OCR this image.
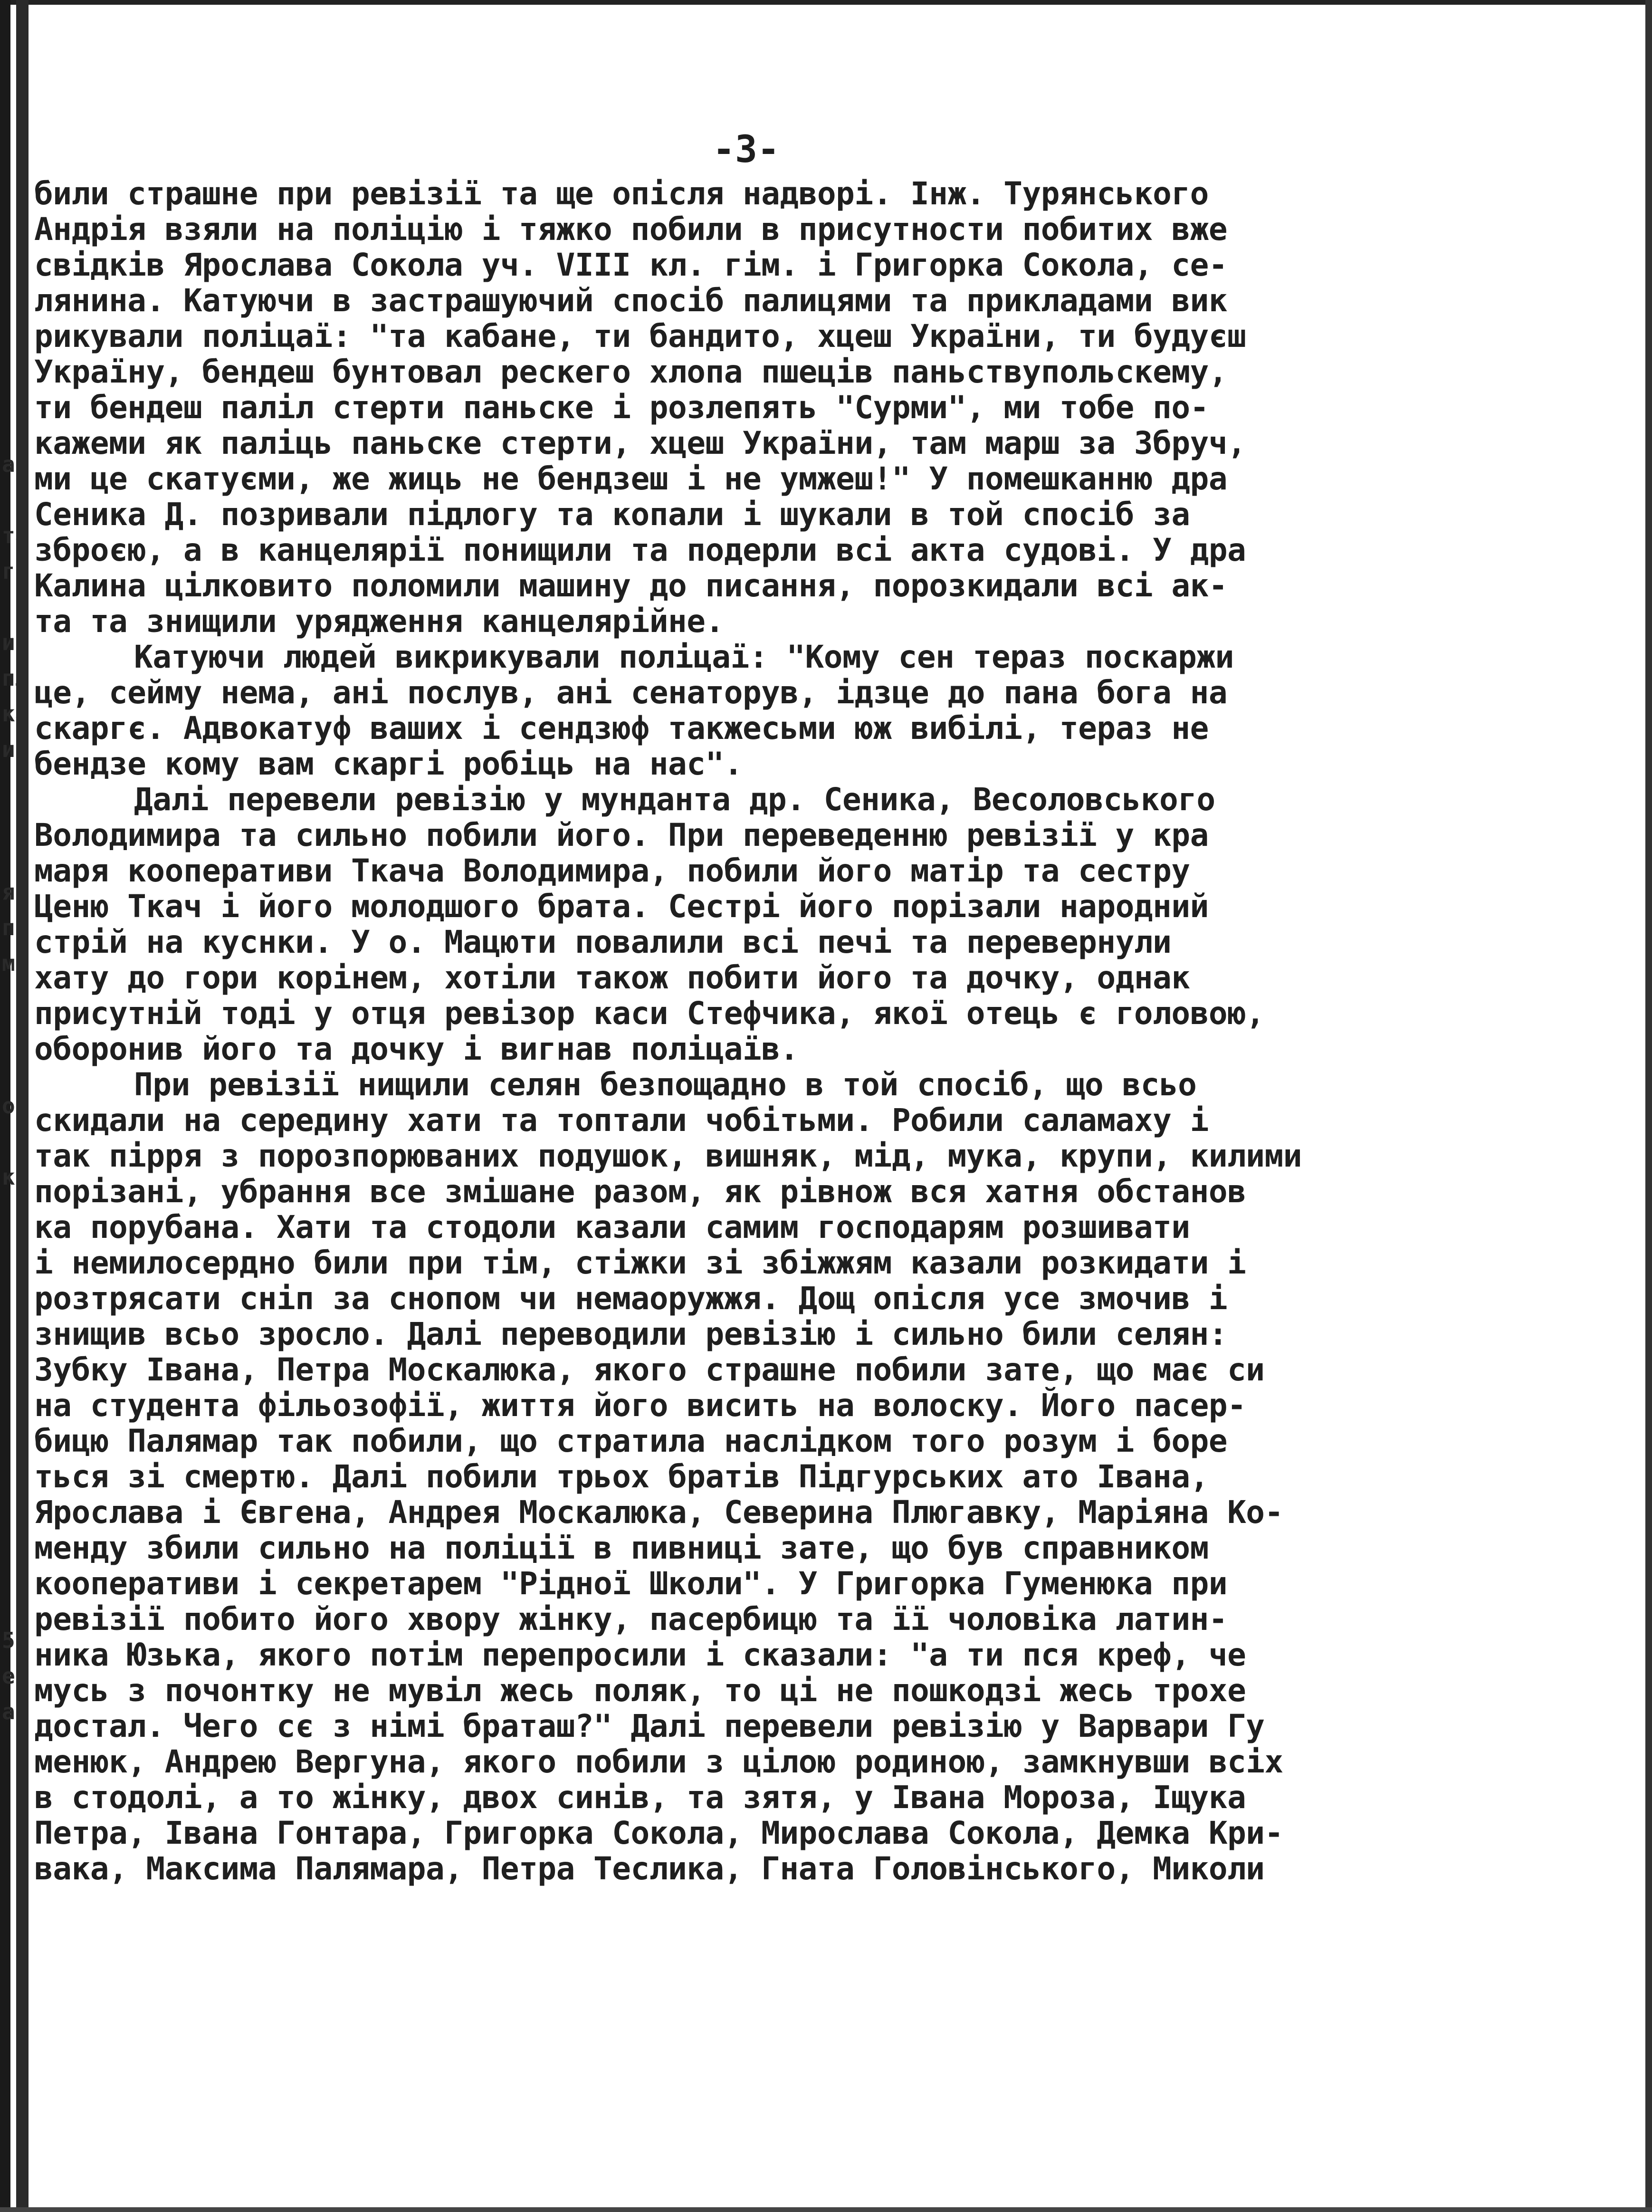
ар
та
го
ий
пл
ка
иє
я
по
м
о
ко
5
е
а
-3-
били страшне при ревізії та ще опісля надворі. Інж. Турянського
Андрія взяли на поліцію і тяжко побили в присутности побитих вже
свідків Ярослава Сокола уч. VIII кл. гім. і Григорка Сокола, се-
лянина. Катуючи в застрашуючий спосіб палицями та прикладами вик
рикували поліцаї: "та кабане, ти бандито, хцеш України, ти будуєш
Україну, бендеш бунтовал рескего хлопа пшеців паньствупольскему,
ти бендеш паліл стерти паньске і розлепять "Сурми", ми тобе по-
кажеми як паліць паньске стерти, хцеш України, там марш за Збруч,
ми це скатуєми, же жиць не бендзеш і не умжеш!" У помешканню дра
Сеника Д. позривали підлогу та копали і шукали в той спосіб за
зброєю, а в канцелярії понищили та подерли всі акта судові. У дра
Калина цілковито поломили машину до писання, порозкидали всі ак-
та та знищили урядження канцелярійне.
Катуючи людей викрикували поліцаї: "Кому сен тераз поскаржи
це, сейму нема, ані послув, ані сенаторув, ідзце до пана бога на
скаргє. Адвокатуф ваших і сендзюф такжесьми юж вибілі, тераз не
бендзе кому вам скаргі робіць на нас".
Далі перевели ревізію у мунданта др. Сеника, Весоловського
Володимира та сильно побили його. При переведенню ревізії у кра
маря кооперативи Ткача Володимира, побили його матір та сестру
Ценю Ткач і його молодшого брата. Сестрі його порізали народний
стрій на куснки. У о. Мацюти повалили всі печі та перевернули
хату до гори корінем, хотіли також побити його та дочку, однак
присутній тоді у отця ревізор каси Стефчика, якої отець є головою,
оборонив його та дочку і вигнав поліцаїв.
При ревізії нищили селян безпощадно в той спосіб, що всьо
скидали на середину хати та топтали чобітьми. Робили саламаху і
так пірря з порозпорюваних подушок, вишняк, мід, мука, крупи, килими
порізані, убрання все змішане разом, як рівнож вся хатня обстанов
ка порубана. Хати та стодоли казали самим господарям розшивати
і немилосердно били при тім, стіжки зі збіжжям казали розкидати і
розтрясати сніп за снопом чи немаоружжя. Дощ опісля усе змочив і
знищив всьо зросло. Далі переводили ревізію і сильно били селян:
Зубку Івана, Петра Москалюка, якого страшне побили зате, що має си
на студента фільозофії, життя його висить на волоску. Його пасер-
бицю Палямар так побили, що стратила наслідком того розум і боре
ться зі смертю. Далі побили трьох братів Підгурських ато Івана,
Ярослава і Євгена, Андрея Москалюка, Северина Плюгавку, Маріяна Ко-
менду збили сильно на поліції в пивниці зате, що був справником
кооперативи і секретарем "Рідної Школи". У Григорка Гуменюка при
ревізії побито його хвору жінку, пасербицю та її чоловіка латин-
ника Юзька, якого потім перепросили і сказали: "а ти пся креф, че
мусь з почонтку не мувіл жесь поляк, то ці не пошкодзі жесь трохе
достал. Чего сє з німі браташ?" Далі перевели ревізію у Варвари Гу
менюк, Андрею Вергуна, якого побили з цілою родиною, замкнувши всіх
в стодолі, а то жінку, двох синів, та зятя, у Івана Мороза, Іщука
Петра, Івана Гонтара, Григорка Сокола, Мирослава Сокола, Демка Кри-
вака, Максима Палямара, Петра Теслика, Гната Головінського, Миколи
